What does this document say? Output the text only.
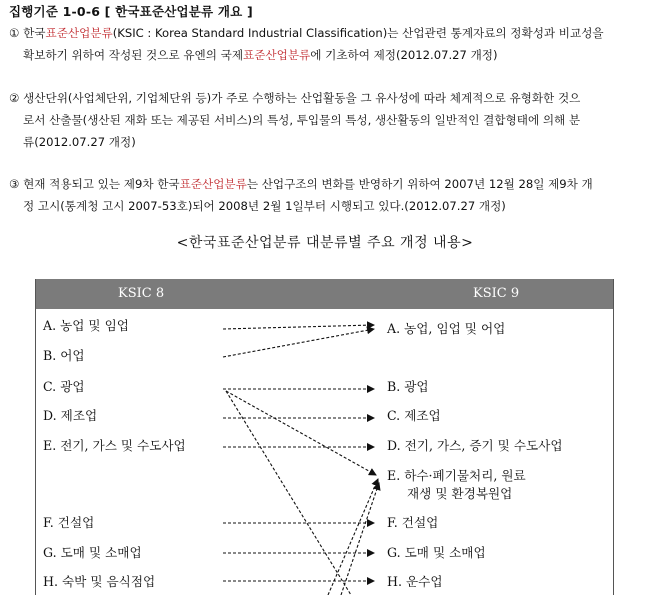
집행기준 1-0-6 [ 한국표준산업분류 개요 ]
① 한국표준산업분류(KSIC : Korea Standard Industrial Classification)는 산업관련 통계자료의 정확성과 비교성을
확보하기 위하여 작성된 것으로 유엔의 국제표준산업분류에 기초하여 제정(2012.07.27 개정)
② 생산단위(사업체단위, 기업체단위 등)가 주로 수행하는 산업활동을 그 유사성에 따라 체계적으로 유형화한 것으
로서 산출물(생산된 재화 또는 제공된 서비스)의 특성, 투입물의 특성, 생산활동의 일반적인 결합형태에 의해 분
류(2012.07.27 개정)
③ 현재 적용되고 있는 제9차 한국표준산업분류는 산업구조의 변화를 반영하기 위하여 2007년 12월 28일 제9차 개
정 고시(통계청 고시 2007-53호)되어 2008년 2월 1일부터 시행되고 있다.(2012.07.27 개정)
<한국표준산업분류 대분류별 주요 개정 내용>
KSIC 8	KSIC 9
A. 농업 및 임업
B. 어업
C. 광업
D. 제조업
E. 전기, 가스 및 수도사업
F. 건설업
G. 도매 및 소매업
H. 숙박 및 음식점업
A. 농업, 임업 및 어업
B. 광업
C. 제조업
D. 전기, 가스, 증기 및 수도사업
E. 하수·폐기물처리, 원료
재생 및 환경복원업
F. 건설업
G. 도매 및 소매업
H. 운수업
